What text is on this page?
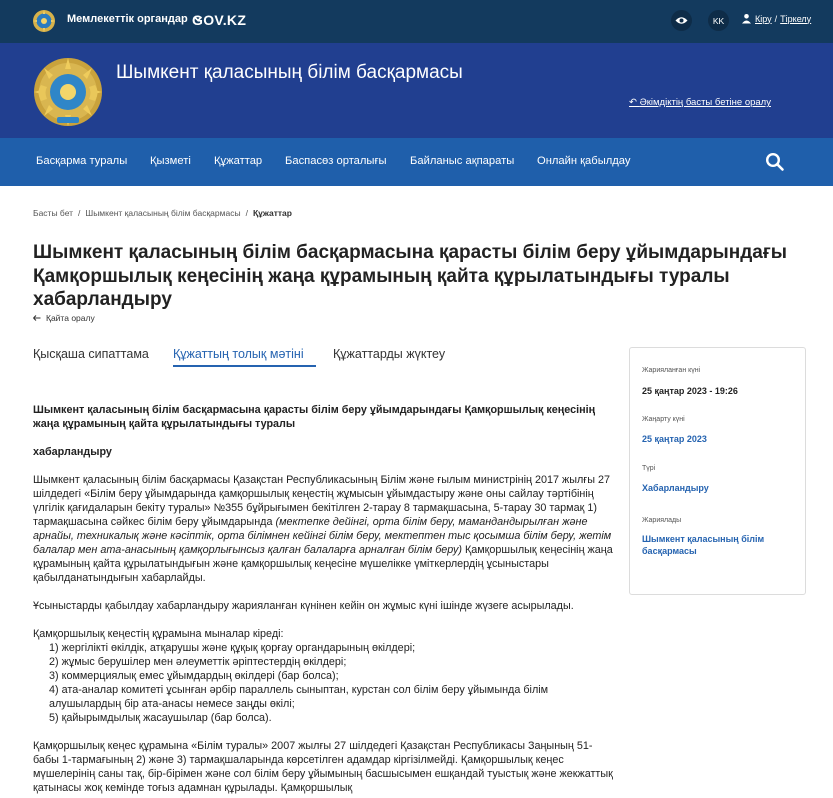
Мемлекеттік органдар GOV.KZ	KK	Кіру / Тіркелу
Шымкент қаласының білім басқармасы
↶ Әкімдіктің басты бетіне оралу
Басқарма туралы Қызметі Құжаттар Баспасөз орталығы Байланыс ақпараты Онлайн қабылдау
Басты бет / Шымкент қаласының білім басқармасы / Құжаттар
Шымкент қаласының білім басқармасына қарасты білім беру ұйымдарындағы Қамқоршылық кеңесінің жаңа құрамының қайта құрылатындығы туралы хабарландыру
Қайта оралу
Қысқаша сипаттама Құжаттың толық мәтіні Құжаттарды жүктеу

Шымкент қаласының білім басқармасына қарасты білім беру ұйымдарындағы Қамқоршылық кеңесінің жаңа құрамының қайта құрылатындығы туралы

хабарландыру

Шымкент қаласының білім басқармасы Қазақстан Республикасының Білім және ғылым министрінің 2017 жылғы 27 шілдедегі «Білім беру ұйымдарында қамқоршылық кеңестің жұмысын ұйымдастыру және оны сайлау тәртібінің үлгілік қағидаларын бекіту туралы» №355 бұйрығымен бекітілген 2-тарау 8 тармақшасына, 5-тарау 30 тармақ 1) тармақшасына сәйкес білім беру ұйымдарында (мектепке дейінгі, орта білім беру, мамандандырылған және арнайы, техникалық және кәсіптік, орта білімнен кейінгі білім беру, мектептен тыс қосымша білім беру, жетім балалар мен ата-анасының қамқорлығынсыз қалған балаларға арналған білім беру) Қамқоршылық кеңесінің жаңа құрамының қайта құрылатындығын және қамқоршылық кеңесіне мүшелікке үміткерлердің ұсыныстары қабылданатындығын хабарлайды.

Ұсыныстарды қабылдау хабарландыру жарияланған күнінен кейін он жұмыс күні ішінде жүзеге асырылады.

Қамқоршылық кеңестің құрамына мыналар кіреді:

1) жергілікті өкілдік, атқарушы және құқық қорғау органдарының өкілдері;

2) жұмыс берушілер мен әлеуметтік әріптестердің өкілдері;

3) коммерциялық емес ұйымдардың өкілдері (бар болса);

4) ата-аналар комитеті ұсынған әрбір параллель сыныптан, курстан сол білім беру ұйымында білім алушылардың бір ата-анасы немесе заңды өкілі;

5) қайырымдылық жасаушылар (бар болса).

Қамқоршылық кеңес құрамына «Білім туралы» 2007 жылғы 27 шілдедегі Қазақстан Республикасы Заңының 51-бабы 1-тармағының 2) және 3) тармақшаларында көрсетілген адамдар кіргізілмейді. Қамқоршылық кеңес мүшелерінің саны тақ, бір-бірімен және сол білім беру ұйымының басшысымен ешқандай туыстық және жекжаттық қатынасы жоқ кемінде тоғыз адамнан құрылады. Қамқоршылық

Жарияланған күні
25 қаңтар 2023 - 19:26
Жаңарту күні
25 қаңтар 2023
Түрі
Хабарландыру
Жариялады
Шымкент қаласының білім басқармасы
